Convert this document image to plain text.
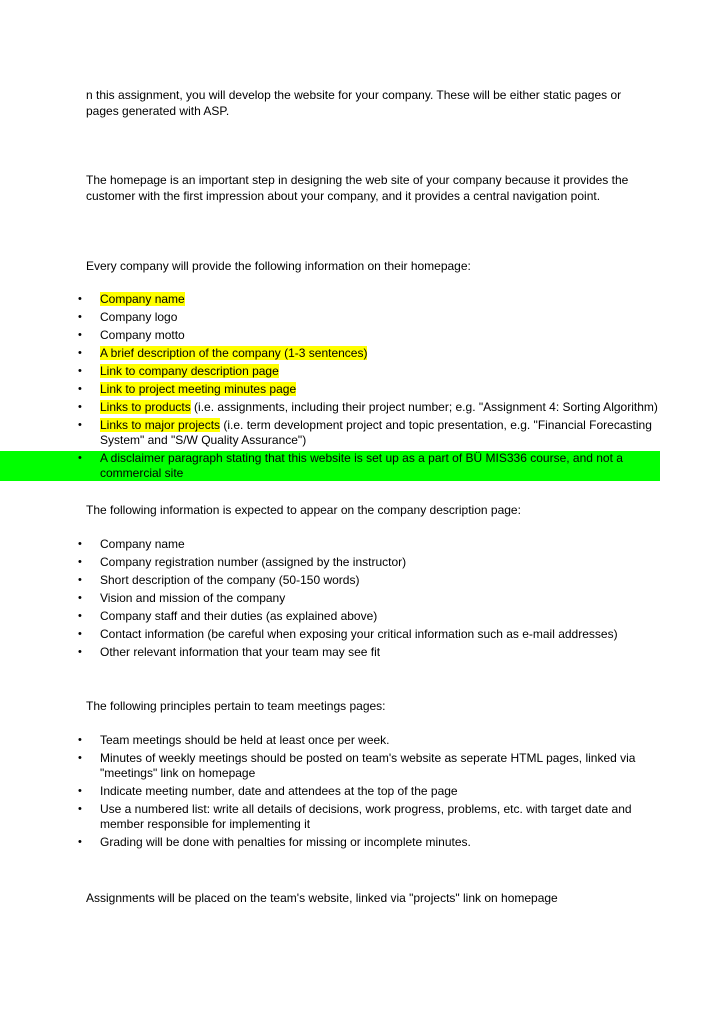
n this assignment, you will develop the website for your company. These will be either static pages or pages generated with ASP.

The homepage is an important step in designing the web site of your company because it provides the customer with the first impression about your company, and it provides a central navigation point.

Every company will provide the following information on their homepage:

• Company name
• Company logo
• Company motto
• A brief description of the company (1-3 sentences)
• Link to company description page
• Link to project meeting minutes page
• Links to products (i.e. assignments, including their project number; e.g. "Assignment 4: Sorting Algorithm)
• Links to major projects (i.e. term development project and topic presentation, e.g. "Financial Forecasting System" and "S/W Quality Assurance")
• A disclaimer paragraph stating that this website is set up as a part of BÜ MIS336 course, and not a commercial site

The following information is expected to appear on the company description page:

• Company name
• Company registration number (assigned by the instructor)
• Short description of the company (50-150 words)
• Vision and mission of the company
• Company staff and their duties (as explained above)
• Contact information (be careful when exposing your critical information such as e-mail addresses)
• Other relevant information that your team may see fit

The following principles pertain to team meetings pages:

• Team meetings should be held at least once per week.
• Minutes of weekly meetings should be posted on team's website as seperate HTML pages, linked via "meetings" link on homepage
• Indicate meeting number, date and attendees at the top of the page
• Use a numbered list: write all details of decisions, work progress, problems, etc. with target date and member responsible for implementing it
• Grading will be done with penalties for missing or incomplete minutes.

Assignments will be placed on the team's website, linked via "projects" link on homepage
